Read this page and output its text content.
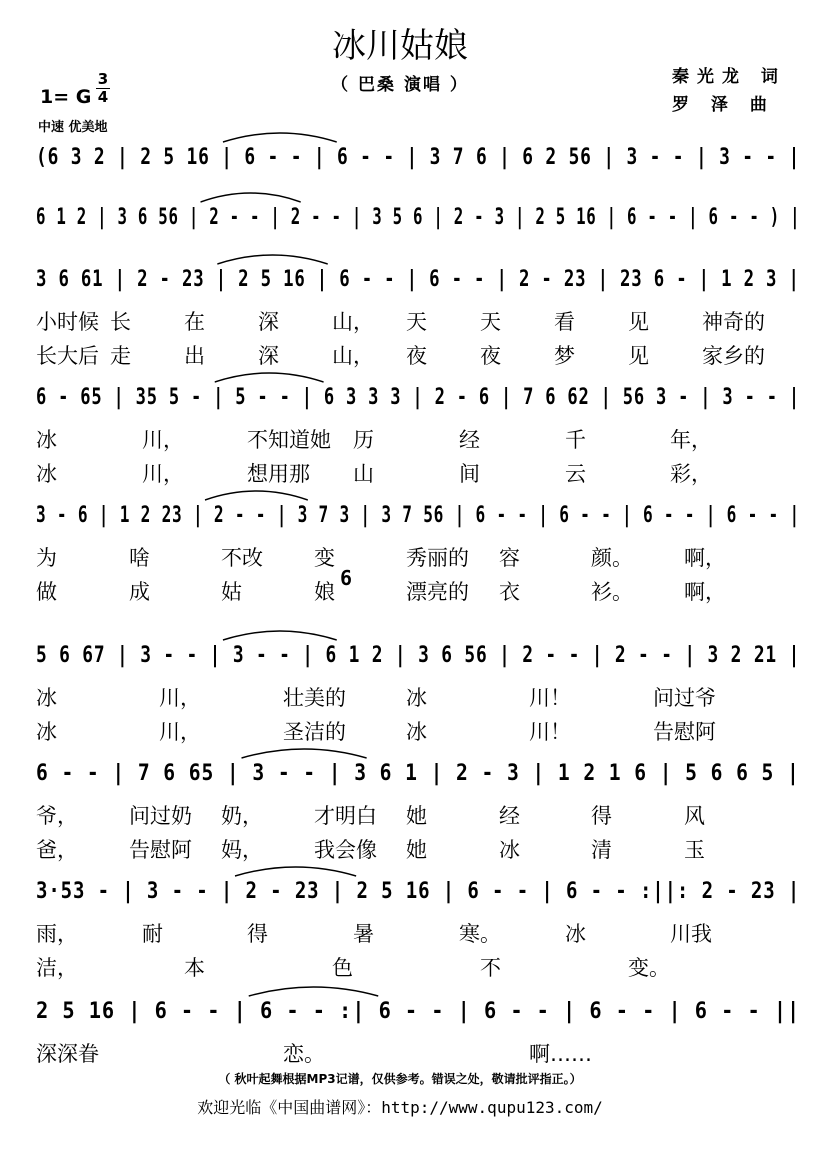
冰川姑娘
（ 巴桑 演唱 ）
1= G
3
4
中速 优美地
秦光龙 词
罗 泽 曲
(6 3 2 | 2 5 16 | 6 - - | 6 - - | 3 7 6 | 6 2 56 | 3 - - | 3 - - |
6 1 2 | 3 6 56 | 2 - - | 2 - - | 3 5 6 | 2 - 3 | 2 5 16 | 6 - - | 6 - - ) |
3 6 61 | 2 - 23 | 2 5 16 | 6 - - | 6 - - | 2 - 23 | 23 6 - | 1 2 3 |
6 - 65 | 35 5 - | 5 - - | 6 3 3 3 | 2 - 6 | 7 6 62 | 56 3 - | 3 - - |
3 - 6 | 1 2 23 | 2 - - | 3 7 3 | 3 7 56 | 6 - - | 6 - - | 6 - - | 6 - - |
5 6 67 | 3 - - | 3 - - | 6 1 2 | 3 6 56 | 2 - - | 2 - - | 3 2 21 |
6 - - | 7 6 65 | 3 - - | 3 6 1 | 2 - 3 | 1 2 1 6 | 5 6 6 5 |
3·53 - | 3 - - | 2 - 23 | 2 5 16 | 6 - - | 6 - - :||: 2 - 23 |
2 5 16 | 6 - - | 6 - - :| 6 - - | 6 - - | 6 - - | 6 - - ||
6
（ 秋叶起舞根据MP3记谱，仅供参考。错误之处，敬请批评指正。）
欢迎光临《中国曲谱网》：http://www.qupu123.com/
小时候 长	在	深	山， 天	天	看	见	神奇的
长大后 走	出	深	山， 夜	夜	梦	见	家乡的
冰	川，	不知道她 历	经	千	年，
冰	川，	想用那 山	间	云	彩，
为	啥	不改 变	秀丽的 容	颜。 啊，
做	成	姑	娘	漂亮的 衣	衫。 啊，
冰	川，	壮美的	冰	川！	问过爷
冰	川，	圣洁的	冰	川！	告慰阿
爷， 问过奶 奶， 才明白 她	经	得	风
爸， 告慰阿 妈， 我会像 她	冰	清	玉
雨，	耐	得	暑	寒。	冰	川我
洁，	本	色	不	变。
深深眷	恋。	啊……
